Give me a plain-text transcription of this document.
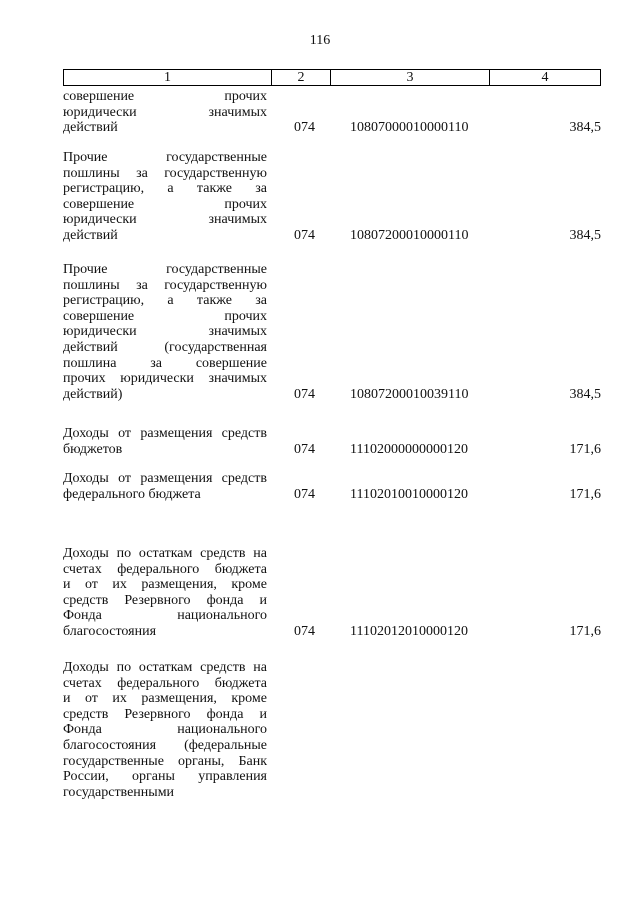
116
1	2	3	4
совершение прочих
юридически значимых
действий	074	10807000010000110	384,5
Прочие государственные
пошлины за государственную
регистрацию, а также за
совершение прочих
юридически значимых
действий	074	10807200010000110	384,5
Прочие государственные
пошлины за государственную
регистрацию, а также за
совершение прочих
юридически значимых
действий (государственная
пошлина за совершение
прочих юридически значимых
действий)	074	10807200010039110	384,5
Доходы от размещения средств
бюджетов	074	11102000000000120	171,6
Доходы от размещения средств
федерального бюджета	074	11102010010000120	171,6
Доходы по остаткам средств на
счетах федерального бюджета
и от их размещения, кроме
средств Резервного фонда и
Фонда национального
благосостояния	074	11102012010000120	171,6
Доходы по остаткам средств на
счетах федерального бюджета
и от их размещения, кроме
средств Резервного фонда и
Фонда национального
благосостояния (федеральные
государственные органы, Банк
России, органы управления
государственными
